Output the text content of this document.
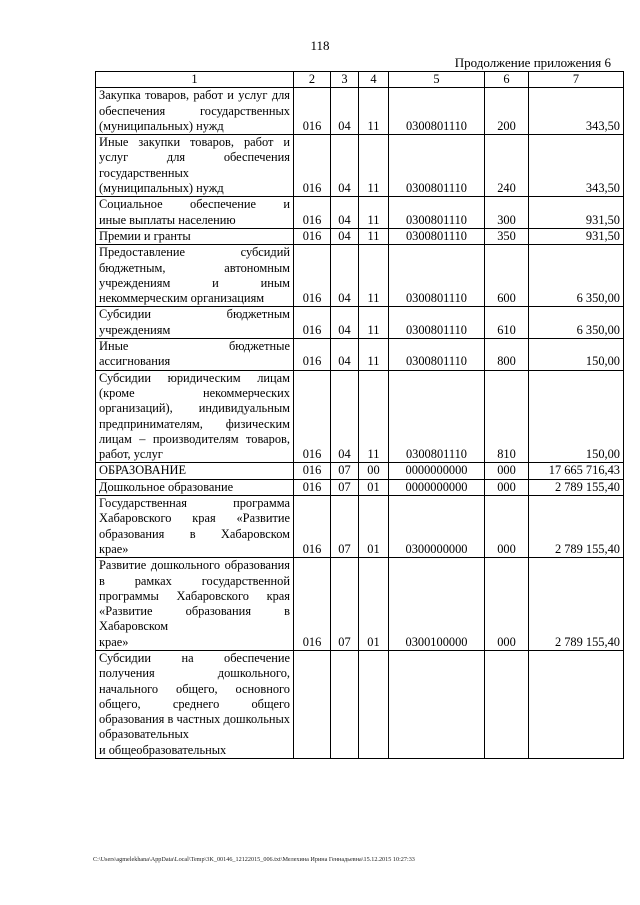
118
Продолжение приложения 6
1	2	3	4	5	6	7
Закупка товаров, работ и услуг для обеспечения государственных
(муниципальных) нужд	016	04	11	0300801110	200	343,50
Иные закупки товаров, работ и услуг для обеспечения государственных
(муниципальных) нужд	016	04	11	0300801110	240	343,50
Социальное обеспечение и
иные выплаты населению	016	04	11	0300801110	300	931,50

Премии и гранты	016	04	11	0300801110	350	931,50
Предоставление субсидий бюджетным, автономным учреждениям и иным
некоммерческим организациям	016	04	11	0300801110	600	6 350,00
Субсидии бюджетным
учреждениям	016	04	11	0300801110	610	6 350,00
Иные бюджетные
ассигнования	016	04	11	0300801110	800	150,00
Субсидии юридическим лицам (кроме некоммерческих организаций), индивидуальным предпринимателям, физическим лицам – производителям товаров,
работ, услуг	016	04	11	0300801110	810	150,00

ОБРАЗОВАНИЕ	016	07	00	0000000000	000	17 665 716,43

Дошкольное образование	016	07	01	0000000000	000	2 789 155,40
Государственная программа Хабаровского края «Развитие образования в Хабаровском
крае»	016	07	01	0300000000	000	2 789 155,40
Развитие дошкольного образования в рамках государственной программы Хабаровского края «Развитие образования в Хабаровском
крае»	016	07	01	0300100000	000	2 789 155,40
Субсидии на обеспечение получения дошкольного, начального общего, основного общего, среднего общего образования в частных дошкольных образовательных
и общеобразовательных						

C:\Users\agmelekhana\AppData\Local\Temp\3K_00146_12122015_006.txt\Мелехина Ирина Геннадьевна\15.12.2015 10:27:33
